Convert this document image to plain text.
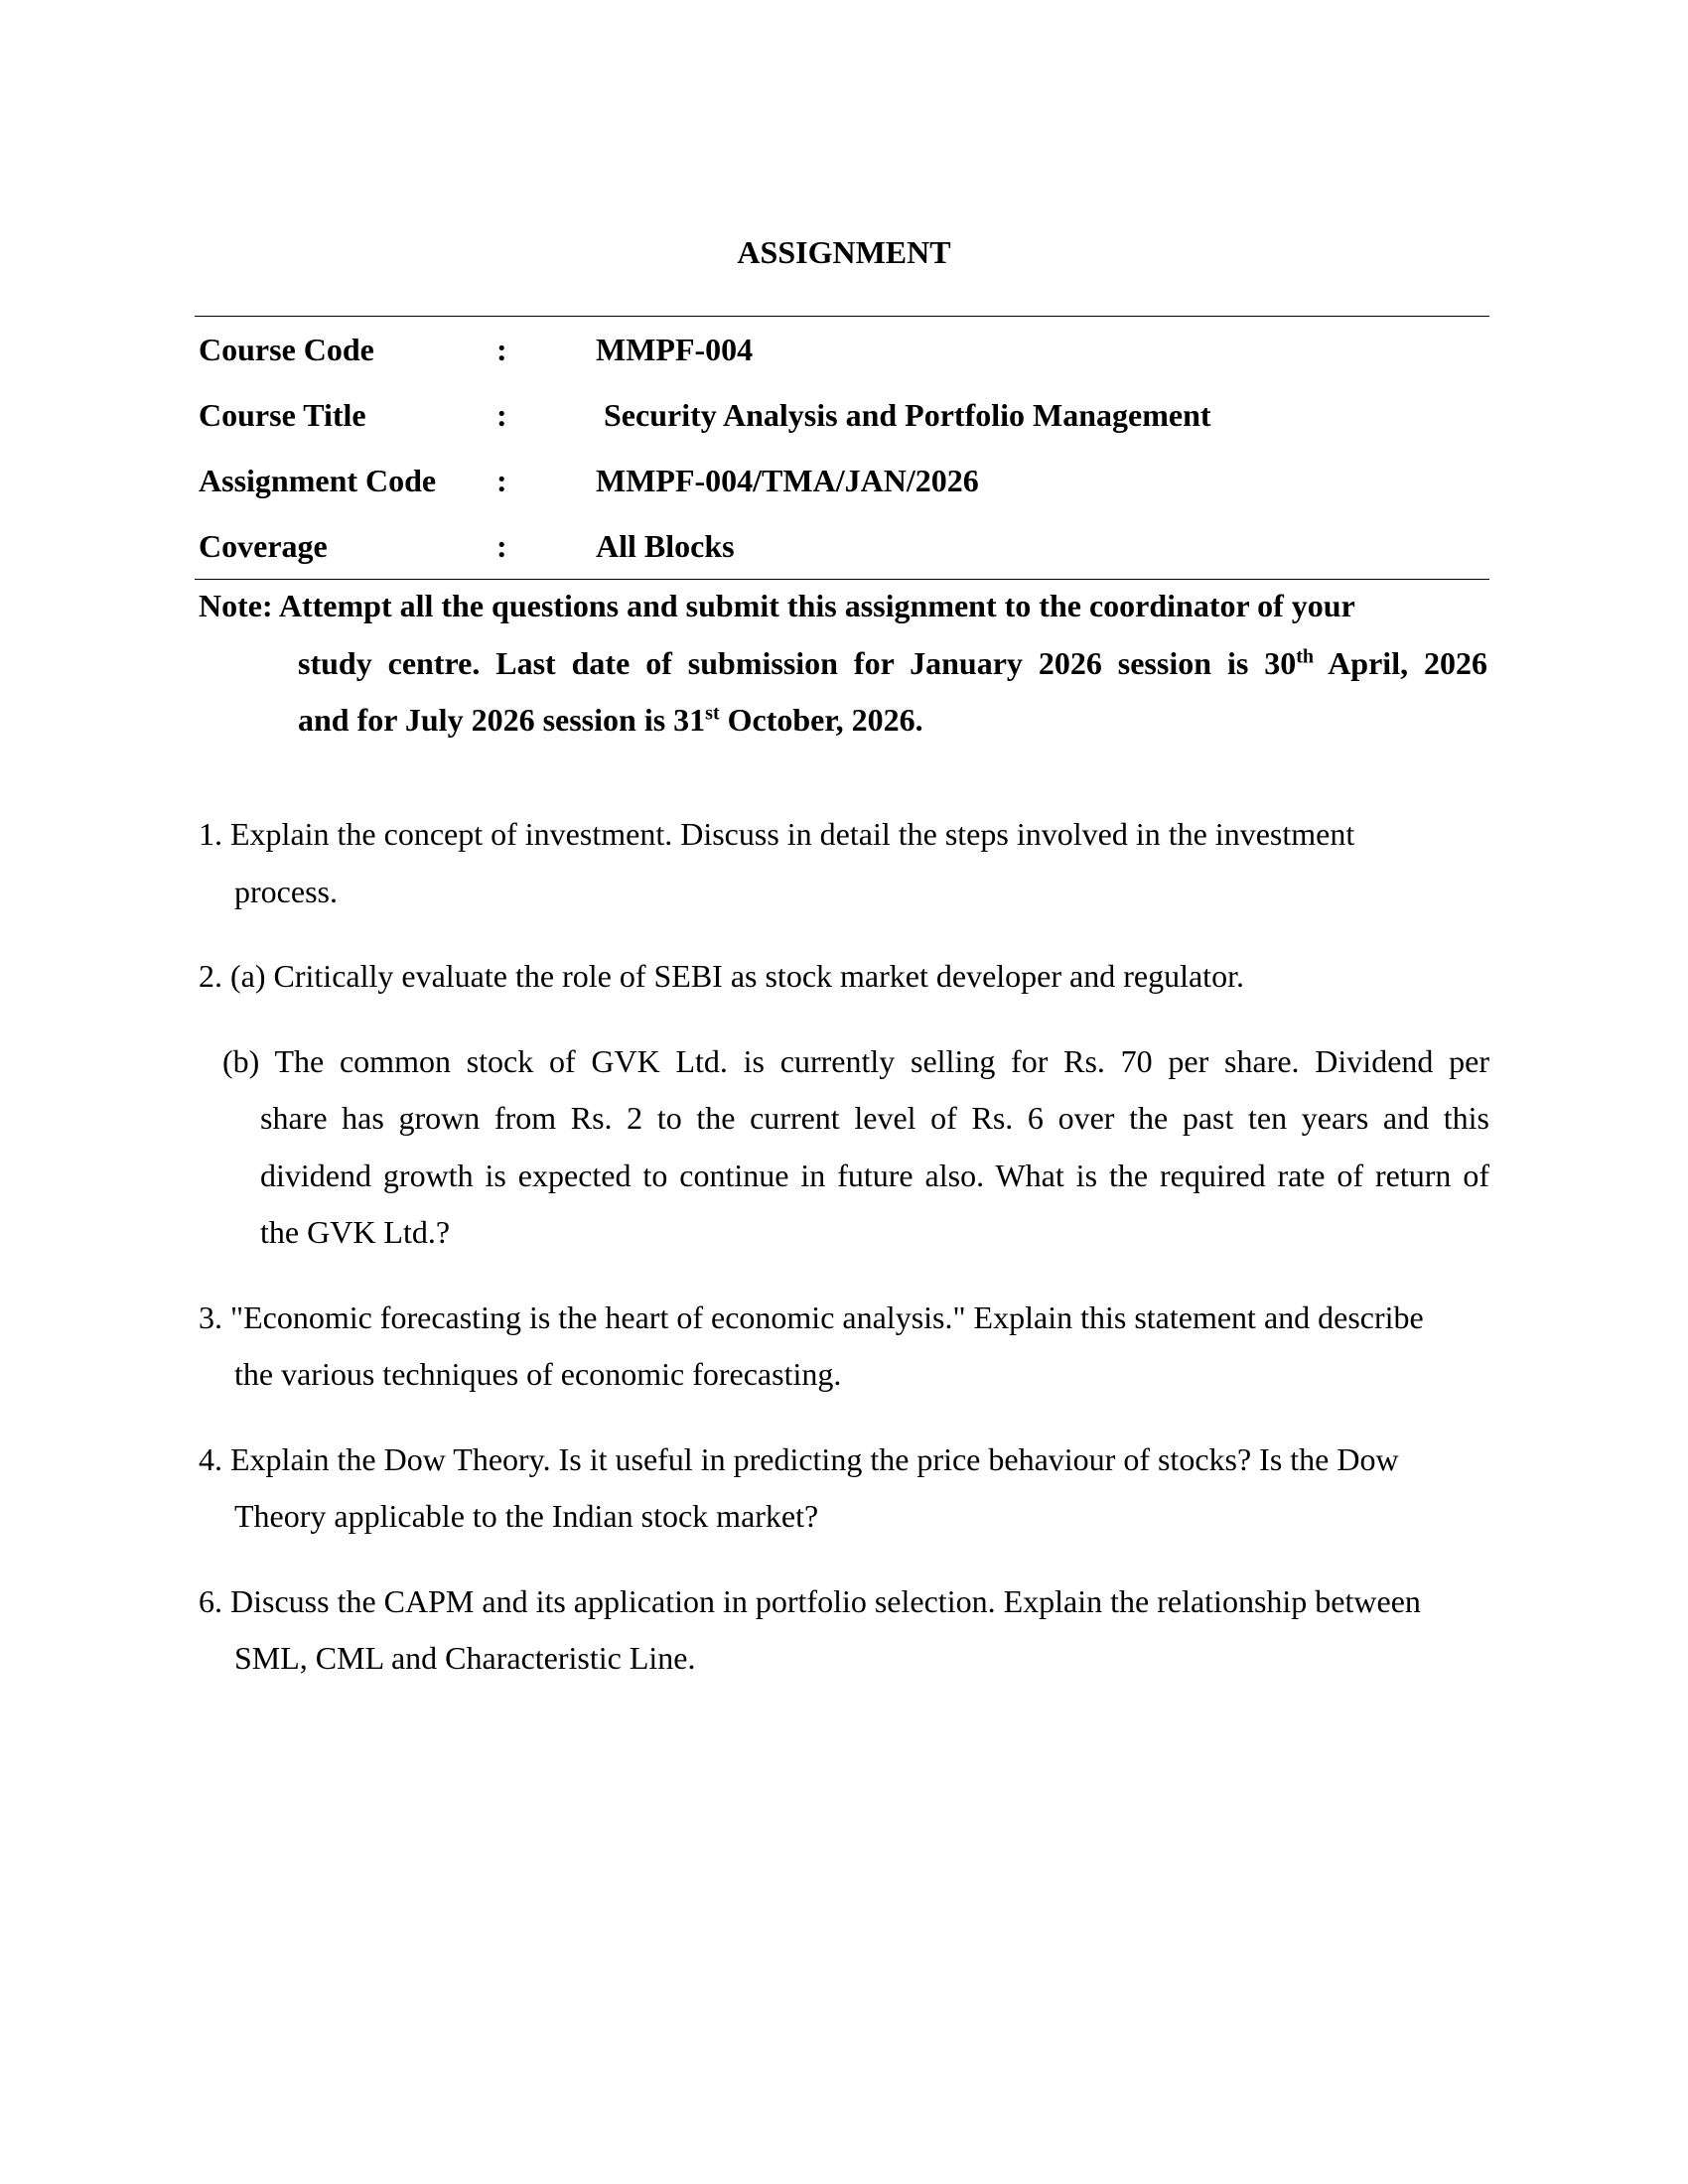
ASSIGNMENT
Course Code	:	MMPF-004
Course Title	:	Security Analysis and Portfolio Management
Assignment Code	:	MMPF-004/TMA/JAN/2026
Coverage	:	All Blocks
Note: Attempt all the questions and submit this assignment to the coordinator of your
study centre. Last date of submission for January 2026 session is 30th April, 2026
and for July 2026 session is 31st October, 2026.
1. Explain the concept of investment. Discuss in detail the steps involved in the investment
process.
2. (a) Critically evaluate the role of SEBI as stock market developer and regulator.
(b) The common stock of GVK Ltd. is currently selling for Rs. 70 per share. Dividend per
share has grown from Rs. 2 to the current level of Rs. 6 over the past ten years and this
dividend growth is expected to continue in future also. What is the required rate of return of
the GVK Ltd.?
3. "Economic forecasting is the heart of economic analysis." Explain this statement and describe
the various techniques of economic forecasting.
4. Explain the Dow Theory. Is it useful in predicting the price behaviour of stocks? Is the Dow
Theory applicable to the Indian stock market?
6. Discuss the CAPM and its application in portfolio selection. Explain the relationship between
SML, CML and Characteristic Line.
